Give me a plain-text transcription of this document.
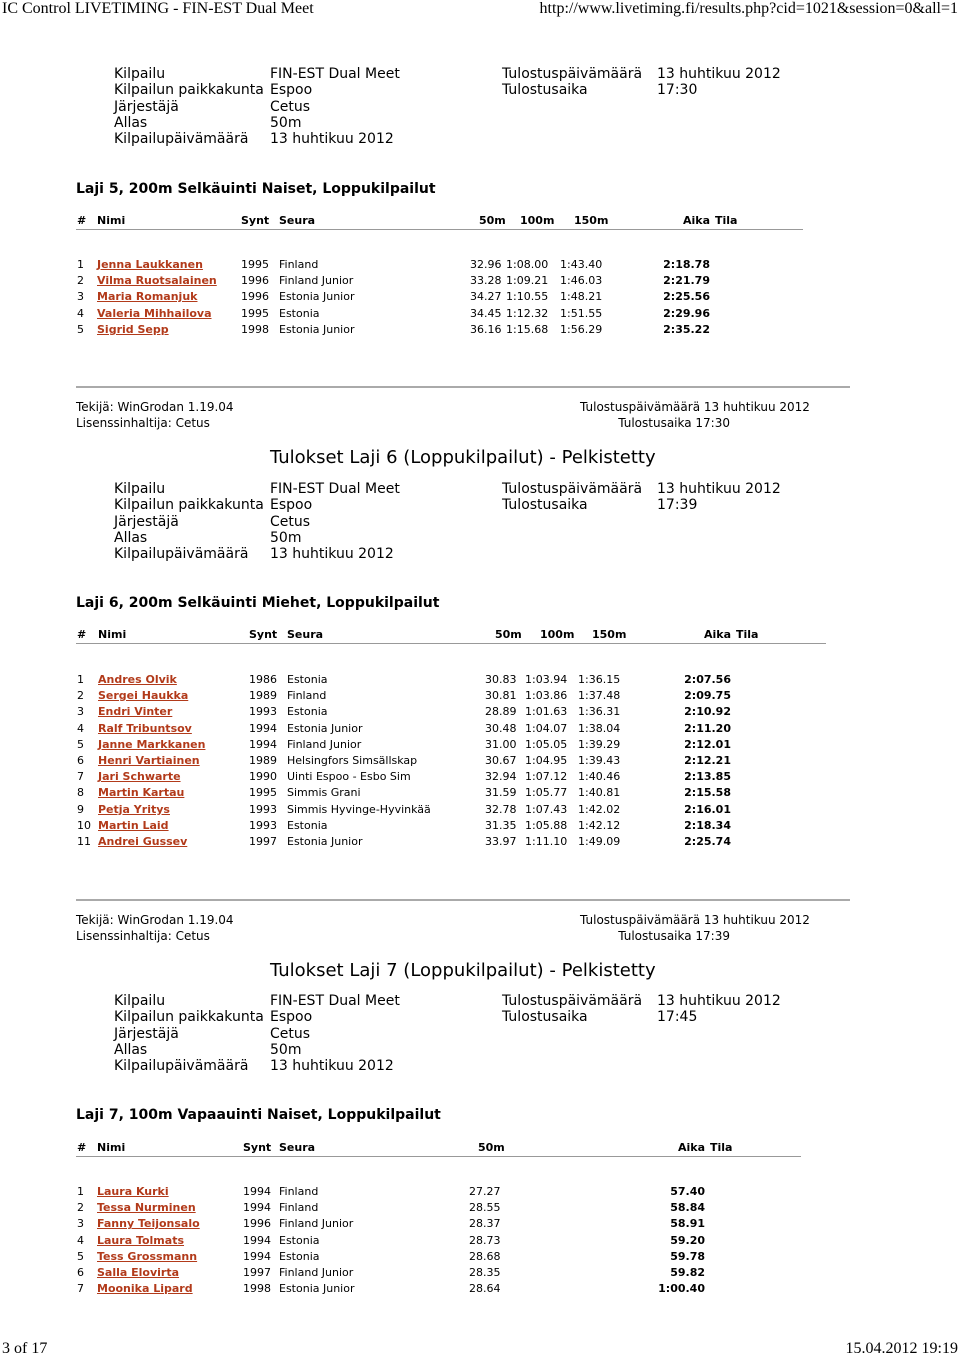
IC Control LIVETIMING - FIN-EST Dual Meet	http://www.livetiming.fi/results.php?cid=1021&session=0&all=1
3 of 17	15.04.2012 19:19
Kilpailu	FIN-EST Dual Meet	Tulostuspäivämäärä 13 huhtikuu 2012
Kilpailun paikkakunta Espoo	Tulostusaika	17:30
Järjestäjä	Cetus
Allas	50m
Kilpailupäivämäärä 13 huhtikuu 2012
Laji 5, 200m Selkäuinti Naiset, Loppukilpailut
# Nimi	Synt Seura	50m 100m 150m	Aika Tila
1 Jenna Laukkanen	1995 Finland	32.96 1:08.00 1:43.40	2:18.78
2 Vilma Ruotsalainen 1996 Finland Junior	33.28 1:09.21 1:46.03	2:21.79
3 Maria Romanjuk	1996 Estonia Junior	34.27 1:10.55 1:48.21	2:25.56
4 Valeria Mihhailova	1995 Estonia	34.45 1:12.32 1:51.55	2:29.96
5 Sigrid Sepp	1998 Estonia Junior	36.16 1:15.68 1:56.29	2:35.22
Tekijä: WinGrodan 1.19.04
Lisenssinhaltija: Cetus
Tulostuspäivämäärä 13 huhtikuu 2012
Tulostusaika 17:30
Tulokset Laji 6 (Loppukilpailut) - Pelkistetty
Kilpailu	FIN-EST Dual Meet	Tulostuspäivämäärä 13 huhtikuu 2012
Kilpailun paikkakunta Espoo	Tulostusaika	17:39
Järjestäjä	Cetus
Allas	50m
Kilpailupäivämäärä 13 huhtikuu 2012
Laji 6, 200m Selkäuinti Miehet, Loppukilpailut
# Nimi	Synt Seura	50m 100m 150m	Aika Tila
1 Andres Olvik	1986 Estonia	30.83 1:03.94 1:36.15	2:07.56
2 Sergei Haukka	1989 Finland	30.81 1:03.86 1:37.48	2:09.75
3 Endri Vinter	1993 Estonia	28.89 1:01.63 1:36.31	2:10.92
4 Ralf Tribuntsov	1994 Estonia Junior	30.48 1:04.07 1:38.04	2:11.20
5 Janne Markkanen	1994 Finland Junior	31.00 1:05.05 1:39.29	2:12.01
6 Henri Vartiainen	1989 Helsingfors Simsällskap	30.67 1:04.95 1:39.43	2:12.21
7 Jari Schwarte	1990 Uinti Espoo - Esbo Sim	32.94 1:07.12 1:40.46	2:13.85
8 Martin Kartau	1995 Simmis Grani	31.59 1:05.77 1:40.81	2:15.58
9 Petja Yritys	1993 Simmis Hyvinge-Hyvinkää	32.78 1:07.43 1:42.02	2:16.01
10 Martin Laid	1993 Estonia	31.35 1:05.88 1:42.12	2:18.34
11 Andrei Gussev	1997 Estonia Junior	33.97 1:11.10 1:49.09	2:25.74
Tekijä: WinGrodan 1.19.04
Lisenssinhaltija: Cetus
Tulostuspäivämäärä 13 huhtikuu 2012
Tulostusaika 17:39
Tulokset Laji 7 (Loppukilpailut) - Pelkistetty
Kilpailu	FIN-EST Dual Meet	Tulostuspäivämäärä 13 huhtikuu 2012
Kilpailun paikkakunta Espoo	Tulostusaika	17:45
Järjestäjä	Cetus
Allas	50m
Kilpailupäivämäärä 13 huhtikuu 2012
Laji 7, 100m Vapaauinti Naiset, Loppukilpailut
# Nimi	Synt Seura	50m	Aika Tila
1 Laura Kurki	1994 Finland	27.27	57.40
2 Tessa Nurminen	1994 Finland	28.55	58.84
3 Fanny Teijonsalo	1996 Finland Junior	28.37	58.91
4 Laura Tolmats	1994 Estonia	28.73	59.20
5 Tess Grossmann	1994 Estonia	28.68	59.78
6 Salla Elovirta	1997 Finland Junior	28.35	59.82
7 Moonika Lipard	1998 Estonia Junior	28.64	1:00.40
